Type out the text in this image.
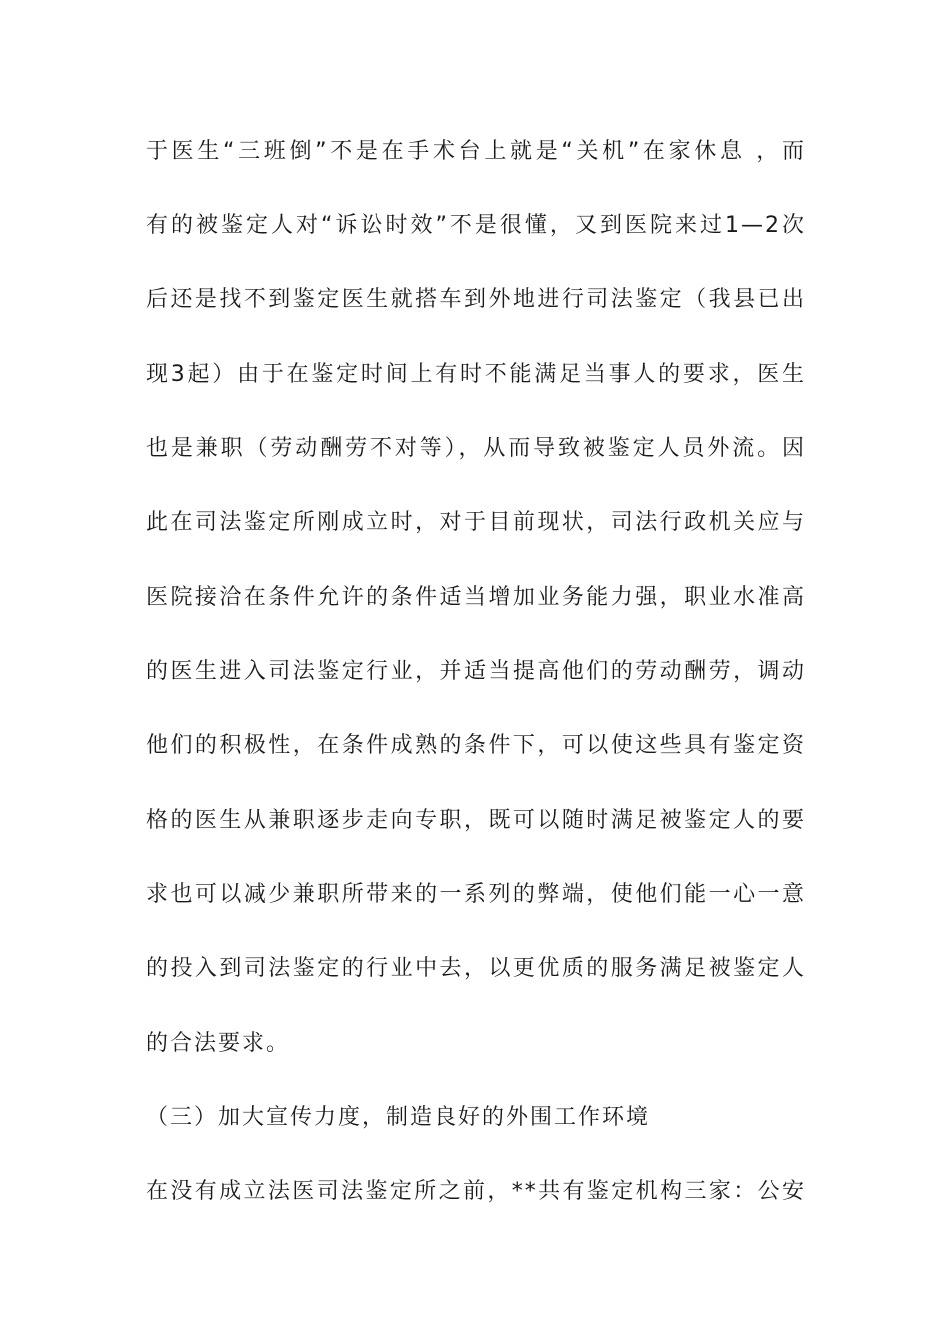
于医生“三班倒”不是在手术台上就是“关机”在家休息 ，而
有的被鉴定人对“诉讼时效”不是很懂，又到医院来过1—2次
后还是找不到鉴定医生就搭车到外地进行司法鉴定（我县已出
现3起）由于在鉴定时间上有时不能满足当事人的要求，医生
也是兼职（劳动酬劳不对等），从而导致被鉴定人员外流。因
此在司法鉴定所刚成立时，对于目前现状，司法行政机关应与
医院接洽在条件允许的条件适当增加业务能力强，职业水准高
的医生进入司法鉴定行业，并适当提高他们的劳动酬劳，调动
他们的积极性，在条件成熟的条件下，可以使这些具有鉴定资
格的医生从兼职逐步走向专职，既可以随时满足被鉴定人的要
求也可以减少兼职所带来的一系列的弊端，使他们能一心一意
的投入到司法鉴定的行业中去，以更优质的服务满足被鉴定人
的合法要求。
（三）加大宣传力度，制造良好的外围工作环境
在没有成立法医司法鉴定所之前，**共有鉴定机构三家：公安
